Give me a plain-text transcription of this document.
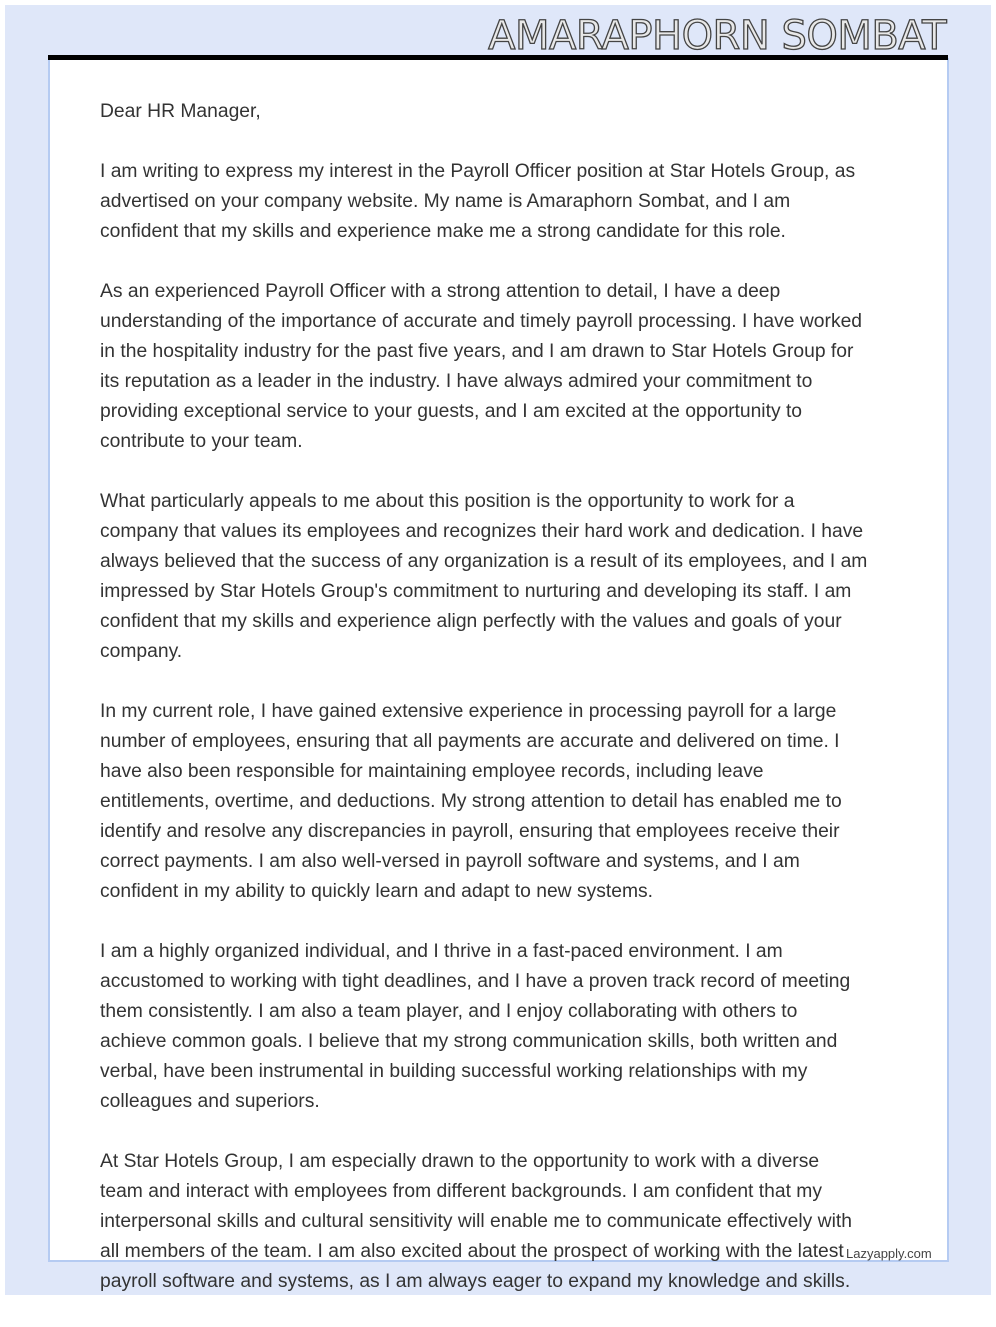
AMARAPHORN SOMBAT
Dear HR Manager,
I am writing to express my interest in the Payroll Officer position at Star Hotels Group, as
advertised on your company website. My name is Amaraphorn Sombat, and I am
confident that my skills and experience make me a strong candidate for this role.
As an experienced Payroll Officer with a strong attention to detail, I have a deep
understanding of the importance of accurate and timely payroll processing. I have worked
in the hospitality industry for the past five years, and I am drawn to Star Hotels Group for
its reputation as a leader in the industry. I have always admired your commitment to
providing exceptional service to your guests, and I am excited at the opportunity to
contribute to your team.
What particularly appeals to me about this position is the opportunity to work for a
company that values its employees and recognizes their hard work and dedication. I have
always believed that the success of any organization is a result of its employees, and I am
impressed by Star Hotels Group's commitment to nurturing and developing its staff. I am
confident that my skills and experience align perfectly with the values and goals of your
company.
In my current role, I have gained extensive experience in processing payroll for a large
number of employees, ensuring that all payments are accurate and delivered on time. I
have also been responsible for maintaining employee records, including leave
entitlements, overtime, and deductions. My strong attention to detail has enabled me to
identify and resolve any discrepancies in payroll, ensuring that employees receive their
correct payments. I am also well-versed in payroll software and systems, and I am
confident in my ability to quickly learn and adapt to new systems.
I am a highly organized individual, and I thrive in a fast-paced environment. I am
accustomed to working with tight deadlines, and I have a proven track record of meeting
them consistently. I am also a team player, and I enjoy collaborating with others to
achieve common goals. I believe that my strong communication skills, both written and
verbal, have been instrumental in building successful working relationships with my
colleagues and superiors.
At Star Hotels Group, I am especially drawn to the opportunity to work with a diverse
team and interact with employees from different backgrounds. I am confident that my
interpersonal skills and cultural sensitivity will enable me to communicate effectively with
all members of the team. I am also excited about the prospect of working with the latest
payroll software and systems, as I am always eager to expand my knowledge and skills.
Lazyapply.com
